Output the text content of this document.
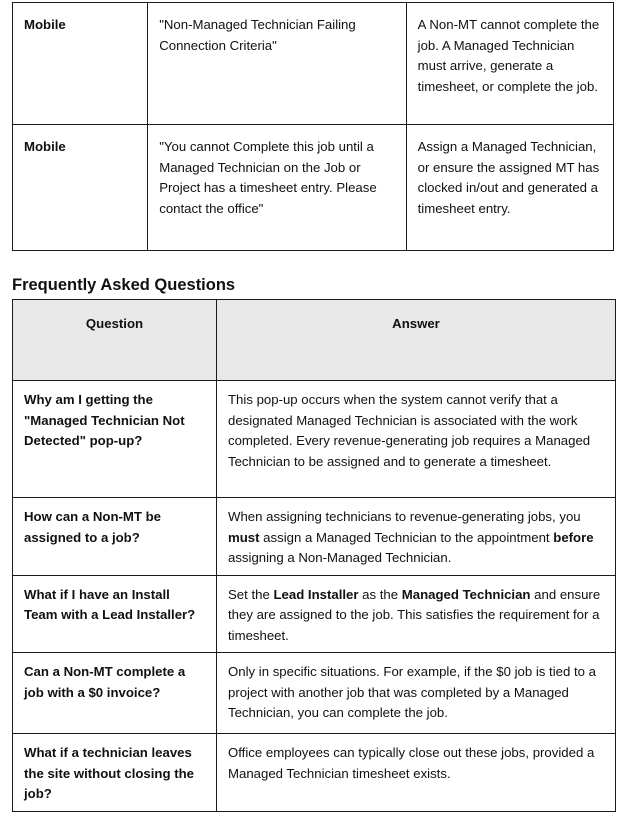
Mobile	"Non-Managed Technician Failing Connection Criteria"	A Non-MT cannot complete the job. A Managed Technician must arrive, generate a timesheet, or complete the job.

Mobile	"You cannot Complete this job until a Managed Technician on the Job or Project has a timesheet entry. Please contact the office"	Assign a Managed Technician, or ensure the assigned MT has clocked in/out and generated a timesheet entry.
Frequently Asked Questions
Question	Answer

Why am I getting the "Managed Technician Not Detected" pop-up?	This pop-up occurs when the system cannot verify that a designated Managed Technician is associated with the work completed. Every revenue-generating job requires a Managed Technician to be assigned and to generate a timesheet.

How can a Non-MT be assigned to a job?	When assigning technicians to revenue-generating jobs, you must assign a Managed Technician to the appointment before assigning a Non-Managed Technician.

What if I have an Install Team with a Lead Installer?	Set the Lead Installer as the Managed Technician and ensure they are assigned to the job. This satisfies the requirement for a timesheet.

Can a Non-MT complete a job with a $0 invoice?	Only in specific situations. For example, if the $0 job is tied to a project with another job that was completed by a Managed Technician, you can complete the job.

What if a technician leaves the site without closing the job?	Office employees can typically close out these jobs, provided a Managed Technician timesheet exists.
